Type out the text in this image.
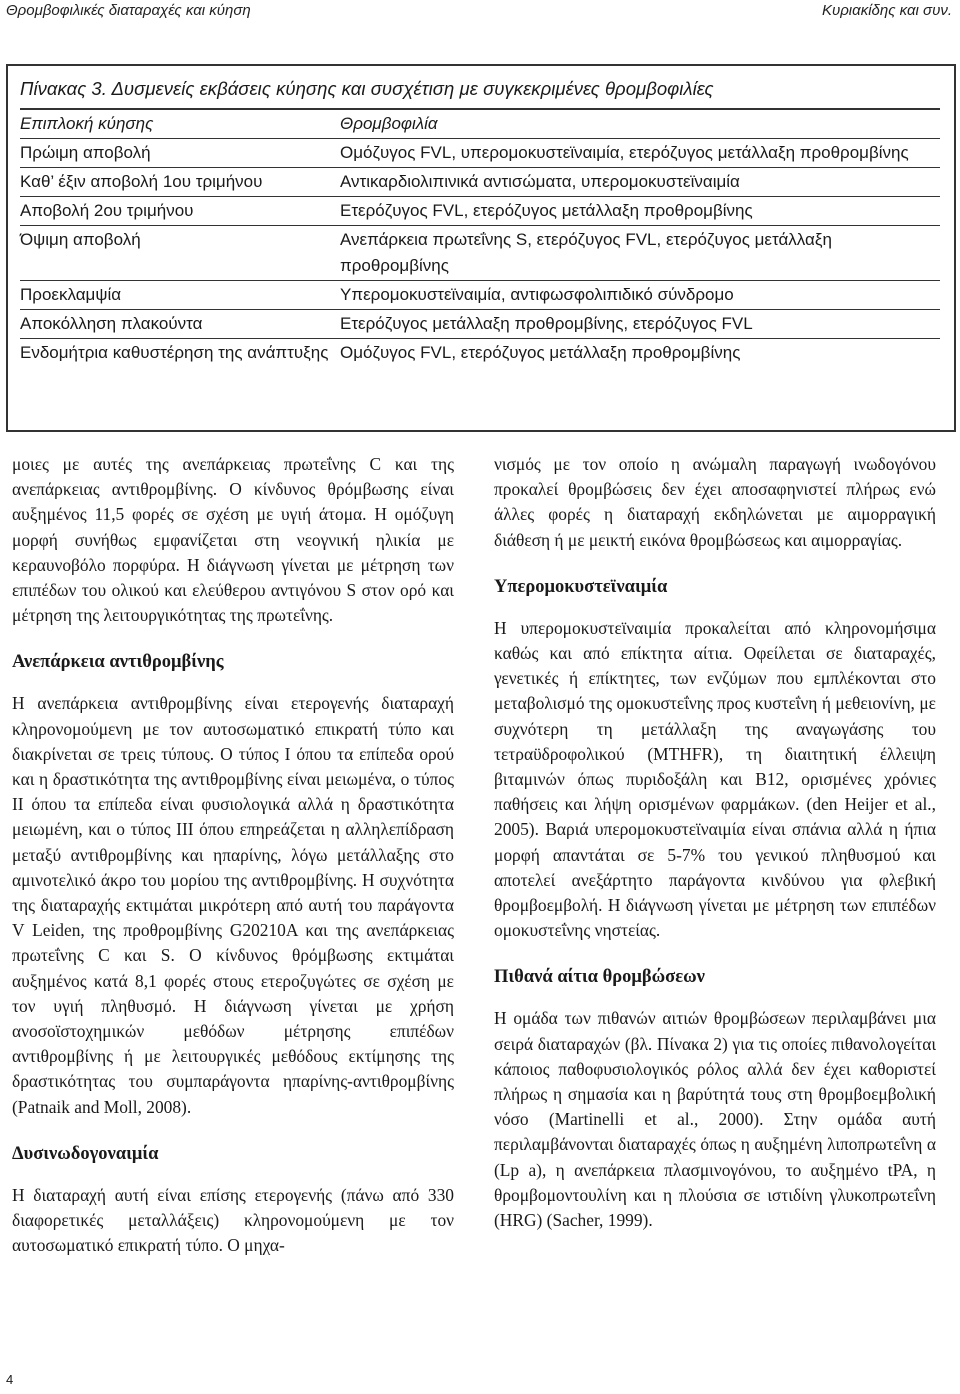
Θρομβοφιλικές διαταραχές και κύηση	Κυριακίδης και συν.
Πίνακας 3. Δυσμενείς εκβάσεις κύησης και συσχέτιση με συγκεκριμένες θρομβοφιλίες
Επιπλοκή κύησης	Θρομβοφιλία
Πρώιμη αποβολή	Ομόζυγος FVL, υπερομοκυστεϊναιμία, ετερόζυγος μετάλλαξη προθρομβίνης
Καθ’ έξιν αποβολή 1ου τριμήνου	Αντικαρδιολιπινικά αντισώματα, υπερομοκυστεϊναιμία
Αποβολή 2ου τριμήνου	Ετερόζυγος FVL, ετερόζυγος μετάλλαξη προθρομβίνης
Όψιμη αποβολή	Ανεπάρκεια πρωτεΐνης S, ετερόζυγος FVL, ετερόζυγος μετάλλαξη προθρομβίνης
Προεκλαμψία	Υπερομοκυστεϊναιμία, αντιφωσφολιπιδικό σύνδρομο
Αποκόλληση πλακούντα	Ετερόζυγος μετάλλαξη προθρομβίνης, ετερόζυγος FVL
Ενδομήτρια καθυστέρηση της ανάπτυξης	Ομόζυγος FVL, ετερόζυγος μετάλλαξη προθρομβίνης

μοιες με αυτές της ανεπάρκειας πρωτεΐνης C και της ανεπάρκειας αντιθρομβίνης. Ο κίνδυνος θρόμβωσης είναι αυξημένος 11,5 φορές σε σχέση με υγιή άτομα. Η ομόζυγη μορφή συνήθως εμφανίζεται στη νεογνική ηλικία με κεραυνοβόλο πορφύρα. Η διάγνωση γίνεται με μέτρηση των επιπέδων του ολικού και ελεύθερου αντιγόνου S στον ορό και μέτρηση της λειτουργικότητας της πρωτεΐνης.

Ανεπάρκεια αντιθρομβίνης

Η ανεπάρκεια αντιθρομβίνης είναι ετερογενής διαταραχή κληρονομούμενη με τον αυτοσωματικό επικρατή τύπο και διακρίνεται σε τρεις τύπους. Ο τύπος Ι όπου τα επίπεδα ορού και η δραστικότητα της αντιθρομβίνης είναι μειωμένα, ο τύπος ΙΙ όπου τα επίπεδα είναι φυσιολογικά αλλά η δραστικότητα μειωμένη, και ο τύπος ΙΙΙ όπου επηρεάζεται η αλληλεπίδραση μεταξύ αντιθρομβίνης και ηπαρίνης, λόγω μετάλλαξης στο αμινοτελικό άκρο του μορίου της αντιθρομβίνης. Η συχνότητα της διαταραχής εκτιμάται μικρότερη από αυτή του παράγοντα V Leiden, της προθρομβίνης G20210A και της ανεπάρκειας πρωτεΐνης C και S. Ο κίνδυνος θρόμβωσης εκτιμάται αυξημένος κατά 8,1 φορές στους ετεροζυγώτες σε σχέση με τον υγιή πληθυσμό. Η διάγνωση γίνεται με χρήση ανοσοϊστοχημικών μεθόδων μέτρησης επιπέδων αντιθρομβίνης ή με λειτουργικές μεθόδους εκτίμησης της δραστικότητας του συμπαράγοντα ηπαρίνης-αντιθρομβίνης (Patnaik and Moll, 2008).

Δυσινωδογοναιμία

Η διαταραχή αυτή είναι επίσης ετερογενής (πάνω από 330 διαφορετικές μεταλλάξεις) κληρονομούμενη με τον αυτοσωματικό επικρατή τύπο. Ο μηχα-

νισμός με τον οποίο η ανώμαλη παραγωγή ινωδογόνου προκαλεί θρομβώσεις δεν έχει αποσαφηνιστεί πλήρως ενώ άλλες φορές η διαταραχή εκδηλώνεται με αιμορραγική διάθεση ή με μεικτή εικόνα θρομβώσεως και αιμορραγίας.

Υπερομοκυστεϊναιμία

Η υπερομοκυστεϊναιμία προκαλείται από κληρονομήσιμα καθώς και από επίκτητα αίτια. Οφείλεται σε διαταραχές, γενετικές ή επίκτητες, των ενζύμων που εμπλέκονται στο μεταβολισμό της ομοκυστεΐνης προς κυστεΐνη ή μεθειονίνη, με συχνότερη τη μετάλλαξη της αναγωγάσης του τετραϋδροφολικού (MTHFR), τη διαιτητική έλλειψη βιταμινών όπως πυριδοξάλη και B12, ορισμένες χρόνιες παθήσεις και λήψη ορισμένων φαρμάκων. (den Heijer et al., 2005). Βαριά υπερομοκυστεϊναιμία είναι σπάνια αλλά η ήπια μορφή απαντάται σε 5-7% του γενικού πληθυσμού και αποτελεί ανεξάρτητο παράγοντα κινδύνου για φλεβική θρομβοεμβολή. Η διάγνωση γίνεται με μέτρηση των επιπέδων ομοκυστεΐνης νηστείας.

Πιθανά αίτια θρομβώσεων

Η ομάδα των πιθανών αιτιών θρομβώσεων περιλαμβάνει μια σειρά διαταραχών (βλ. Πίνακα 2) για τις οποίες πιθανολογείται κάποιος παθοφυσιολογικός ρόλος αλλά δεν έχει καθοριστεί πλήρως η σημασία και η βαρύτητά τους στη θρομβοεμβολική νόσο (Martinelli et al., 2000). Στην ομάδα αυτή περιλαμβάνονται διαταραχές όπως η αυξημένη λιποπρωτεΐνη α (Lp a), η ανεπάρκεια πλασμινογόνου, το αυξημένο tPA, η θρομβομοντουλίνη και η πλούσια σε ιστιδίνη γλυκοπρωτεΐνη (HRG) (Sacher, 1999).

4
